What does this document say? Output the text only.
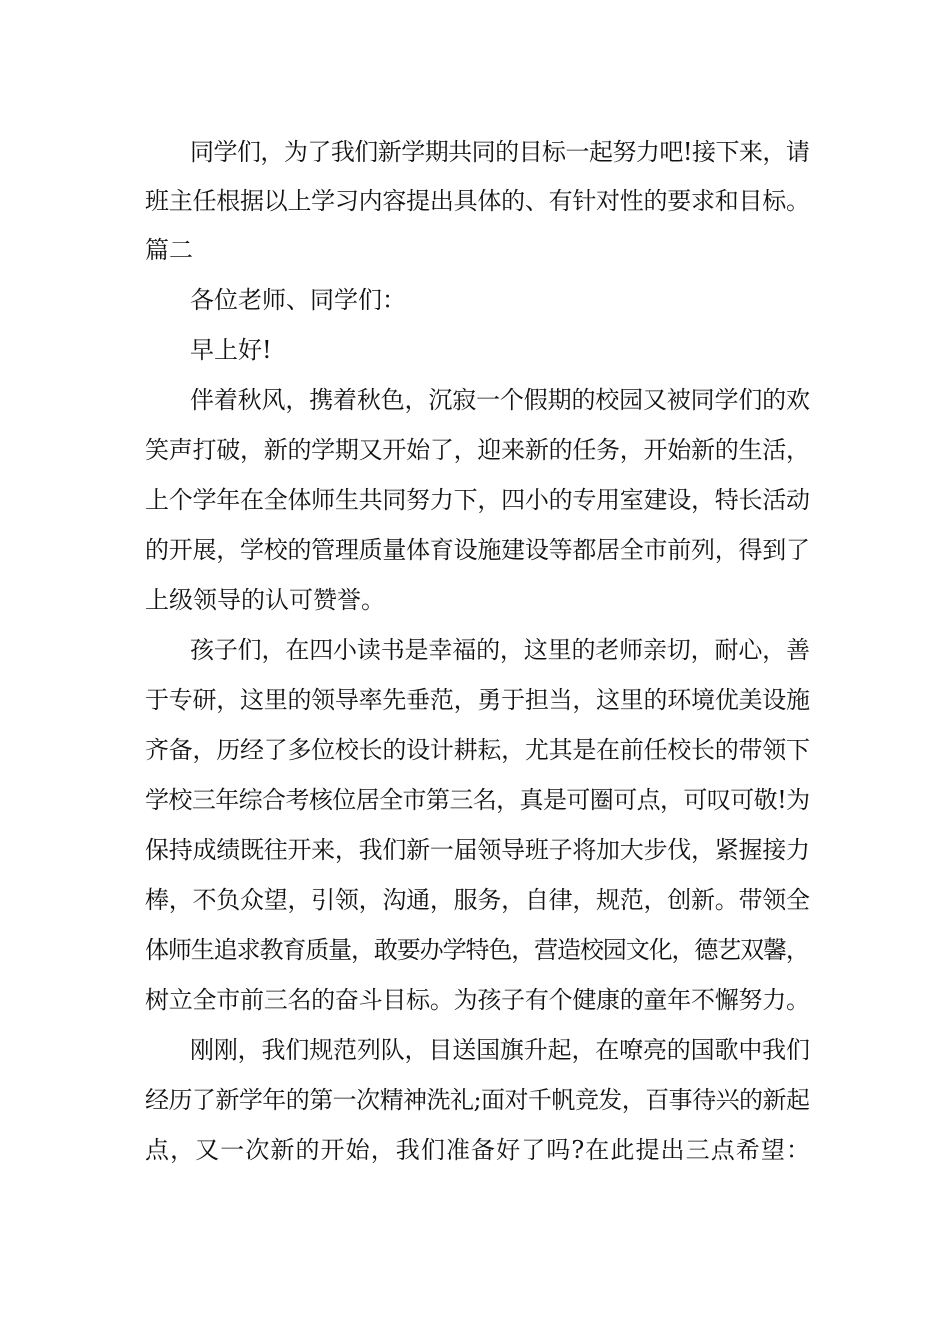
同学们，为了我们新学期共同的目标一起努力吧!接下来，请
班主任根据以上学习内容提出具体的、有针对性的要求和目标。
篇二
各位老师、同学们：
早上好!
伴着秋风，携着秋色，沉寂一个假期的校园又被同学们的欢
笑声打破，新的学期又开始了，迎来新的任务，开始新的生活，
上个学年在全体师生共同努力下，四小的专用室建设，特长活动
的开展，学校的管理质量体育设施建设等都居全市前列，得到了
上级领导的认可赞誉。
孩子们，在四小读书是幸福的，这里的老师亲切，耐心，善
于专研，这里的领导率先垂范，勇于担当，这里的环境优美设施
齐备，历经了多位校长的设计耕耘，尤其是在前任校长的带领下
学校三年综合考核位居全市第三名，真是可圈可点，可叹可敬!为
保持成绩既往开来，我们新一届领导班子将加大步伐，紧握接力
棒，不负众望，引领，沟通，服务，自律，规范，创新。带领全
体师生追求教育质量，敢要办学特色，营造校园文化，德艺双馨，
树立全市前三名的奋斗目标。为孩子有个健康的童年不懈努力。
刚刚，我们规范列队，目送国旗升起，在嘹亮的国歌中我们
经历了新学年的第一次精神洗礼;面对千帆竞发，百事待兴的新起
点，又一次新的开始，我们准备好了吗?在此提出三点希望：
